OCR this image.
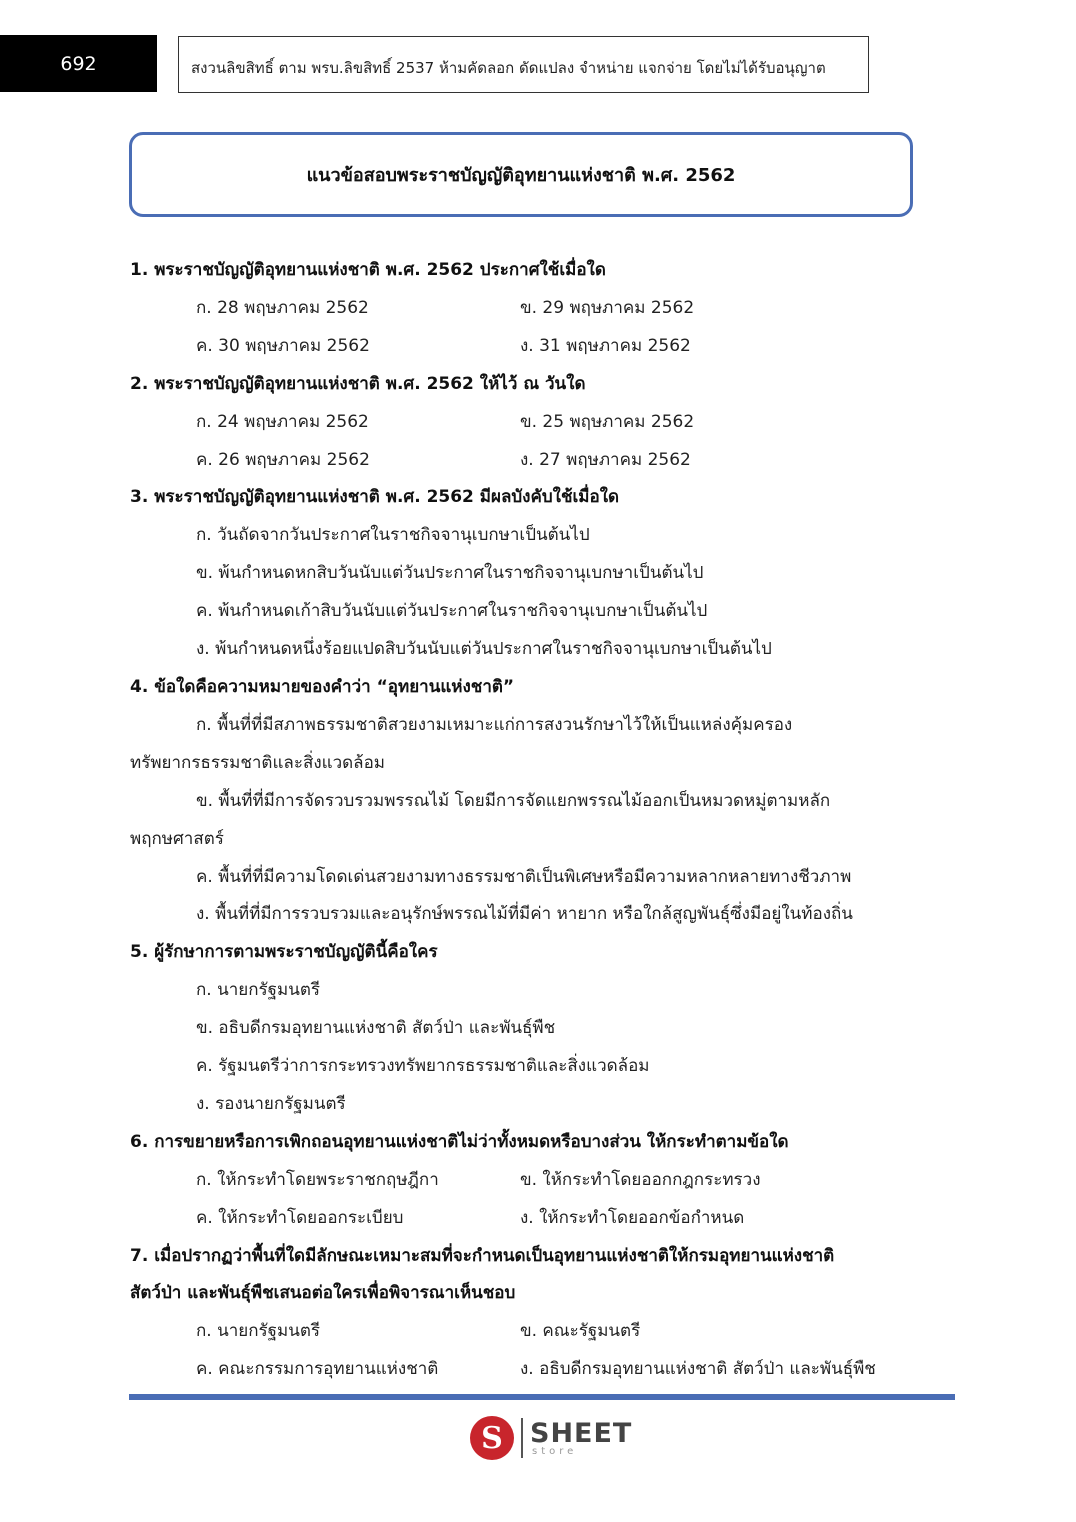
692	สงวนลิขสิทธิ์ ตาม พรบ.ลิขสิทธิ์ 2537 ห้ามคัดลอก ดัดแปลง จำหน่าย แจกจ่าย โดยไม่ได้รับอนุญาต
แนวข้อสอบพระราชบัญญัติอุทยานแห่งชาติ พ.ศ. 2562
1. พระราชบัญญัติอุทยานแห่งชาติ พ.ศ. 2562 ประกาศใช้เมื่อใด
ก. 28 พฤษภาคม 2562	ข. 29 พฤษภาคม 2562
ค. 30 พฤษภาคม 2562	ง. 31 พฤษภาคม 2562
2. พระราชบัญญัติอุทยานแห่งชาติ พ.ศ. 2562 ให้ไว้ ณ วันใด
ก. 24 พฤษภาคม 2562	ข. 25 พฤษภาคม 2562
ค. 26 พฤษภาคม 2562	ง. 27 พฤษภาคม 2562
3. พระราชบัญญัติอุทยานแห่งชาติ พ.ศ. 2562 มีผลบังคับใช้เมื่อใด
ก. วันถัดจากวันประกาศในราชกิจจานุเบกษาเป็นต้นไป
ข. พ้นกำหนดหกสิบวันนับแต่วันประกาศในราชกิจจานุเบกษาเป็นต้นไป
ค. พ้นกำหนดเก้าสิบวันนับแต่วันประกาศในราชกิจจานุเบกษาเป็นต้นไป
ง. พ้นกำหนดหนึ่งร้อยแปดสิบวันนับแต่วันประกาศในราชกิจจานุเบกษาเป็นต้นไป
4. ข้อใดคือความหมายของคำว่า “อุทยานแห่งชาติ”
ก. พื้นที่ที่มีสภาพธรรมชาติสวยงามเหมาะแก่การสงวนรักษาไว้ให้เป็นแหล่งคุ้มครอง
ทรัพยากรธรรมชาติและสิ่งแวดล้อม
ข. พื้นที่ที่มีการจัดรวบรวมพรรณไม้ โดยมีการจัดแยกพรรณไม้ออกเป็นหมวดหมู่ตามหลัก
พฤกษศาสตร์
ค. พื้นที่ที่มีความโดดเด่นสวยงามทางธรรมชาติเป็นพิเศษหรือมีความหลากหลายทางชีวภาพ
ง. พื้นที่ที่มีการรวบรวมและอนุรักษ์พรรณไม้ที่มีค่า หายาก หรือใกล้สูญพันธุ์ซึ่งมีอยู่ในท้องถิ่น
5. ผู้รักษาการตามพระราชบัญญัตินี้คือใคร
ก. นายกรัฐมนตรี
ข. อธิบดีกรมอุทยานแห่งชาติ สัตว์ป่า และพันธุ์พืช
ค. รัฐมนตรีว่าการกระทรวงทรัพยากรธรรมชาติและสิ่งแวดล้อม
ง. รองนายกรัฐมนตรี
6. การขยายหรือการเพิกถอนอุทยานแห่งชาติไม่ว่าทั้งหมดหรือบางส่วน ให้กระทำตามข้อใด
ก. ให้กระทำโดยพระราชกฤษฎีกา	ข. ให้กระทำโดยออกกฎกระทรวง
ค. ให้กระทำโดยออกระเบียบ	ง. ให้กระทำโดยออกข้อกำหนด
7. เมื่อปรากฏว่าพื้นที่ใดมีลักษณะเหมาะสมที่จะกำหนดเป็นอุทยานแห่งชาติให้กรมอุทยานแห่งชาติ
สัตว์ป่า และพันธุ์พืชเสนอต่อใครเพื่อพิจารณาเห็นชอบ
ก. นายกรัฐมนตรี	ข. คณะรัฐมนตรี
ค. คณะกรรมการอุทยานแห่งชาติ	ง. อธิบดีกรมอุทยานแห่งชาติ สัตว์ป่า และพันธุ์พืช
S	SHEET
store
